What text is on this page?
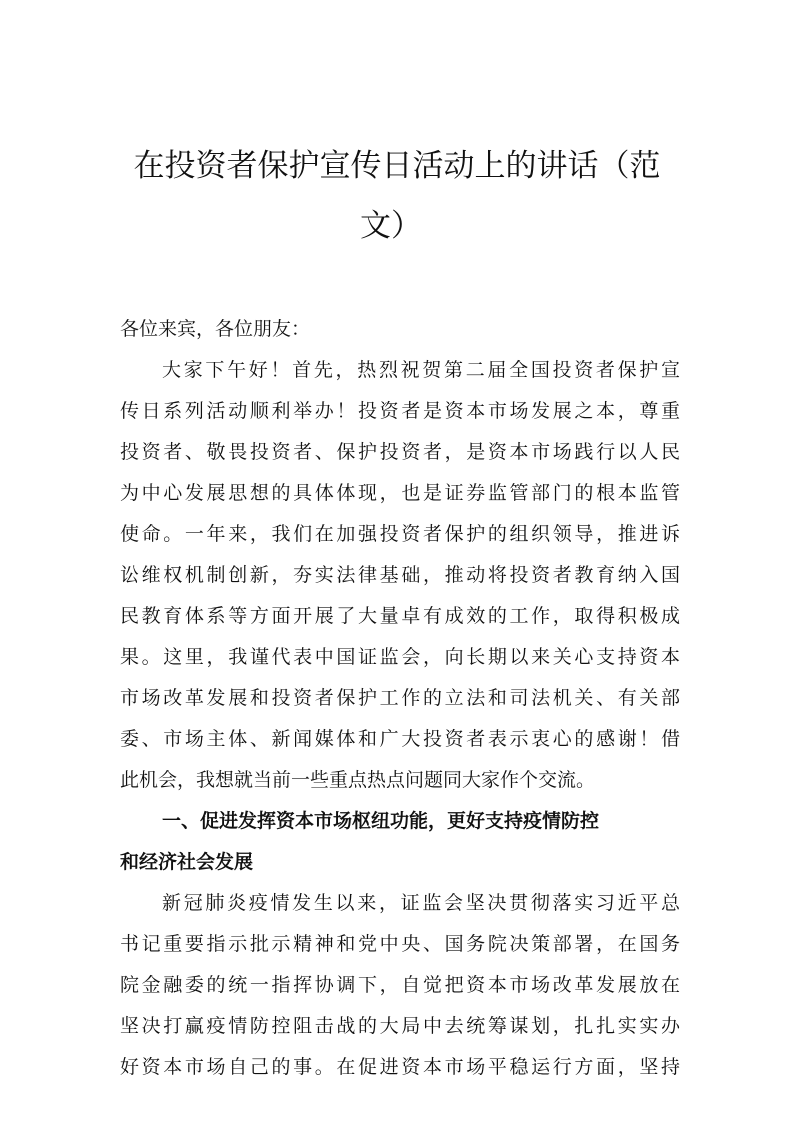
在投资者保护宣传日活动上的讲话（范
文）
各位来宾，各位朋友：
大家下午好！首先，热烈祝贺第二届全国投资者保护宣
传日系列活动顺利举办！投资者是资本市场发展之本，尊重
投资者、敬畏投资者、保护投资者，是资本市场践行以人民
为中心发展思想的具体体现，也是证券监管部门的根本监管
使命。一年来，我们在加强投资者保护的组织领导，推进诉
讼维权机制创新，夯实法律基础，推动将投资者教育纳入国
民教育体系等方面开展了大量卓有成效的工作，取得积极成
果。这里，我谨代表中国证监会，向长期以来关心支持资本
市场改革发展和投资者保护工作的立法和司法机关、有关部
委、市场主体、新闻媒体和广大投资者表示衷心的感谢！借
此机会，我想就当前一些重点热点问题同大家作个交流。
一、促进发挥资本市场枢纽功能，更好支持疫情防控
和经济社会发展
新冠肺炎疫情发生以来，证监会坚决贯彻落实习近平总
书记重要指示批示精神和党中央、国务院决策部署，在国务
院金融委的统一指挥协调下，自觉把资本市场改革发展放在
坚决打赢疫情防控阻击战的大局中去统筹谋划，扎扎实实办
好资本市场自己的事。在促进资本市场平稳运行方面，坚持
